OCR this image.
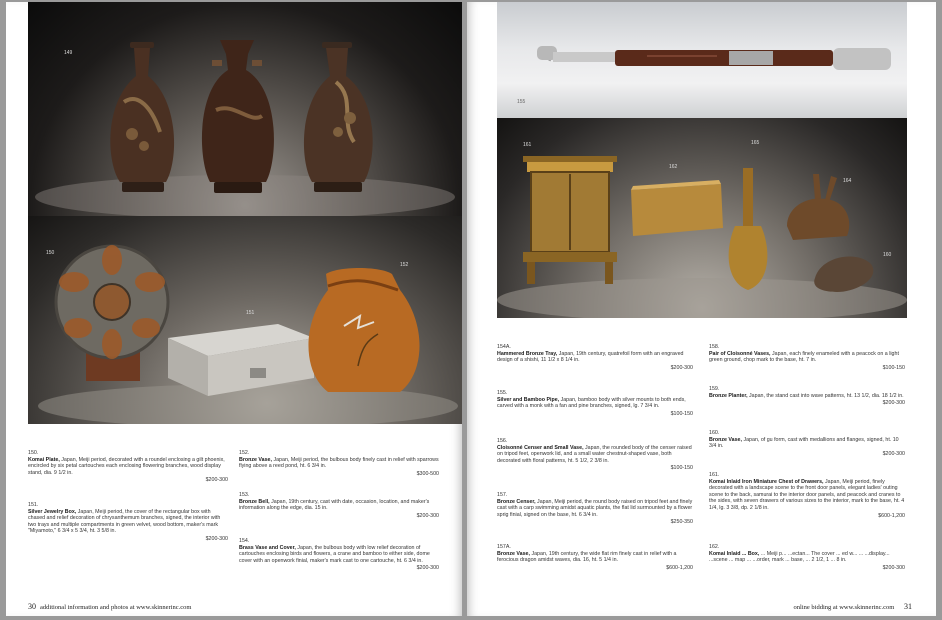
149
150
151
152
150.
Komai Plate, Japan, Meiji period, decorated with a roundel enclosing a gilt phoenix, encircled by six petal cartouches each enclosing flowering branches, wood display stand, dia. 9 1/2 in.
$200-300
151.
Silver Jewelry Box, Japan, Meiji period, the cover of the rectangular box with chased and relief decoration of chrysanthemum branches, signed, the interior with two trays and multiple compartments in green velvet, wood bottom, maker's mark "Miyamoto," 6 3/4 x 5 3/4, ht. 3 5/8 in.
$200-300
152.
Bronze Vase, Japan, Meiji period, the bulbous body finely cast in relief with sparrows flying above a reed pond, ht. 6 3/4 in.
$300-500
153.
Bronze Bell, Japan, 19th century, cast with date, occasion, location, and maker's information along the edge, dia. 15 in.
$200-300
154.
Brass Vase and Cover, Japan, the bulbous body with low relief decoration of cartouches enclosing birds and flowers, a crane and bamboo to either side, dome cover with an openwork finial, maker's mark cast to one cartouche, ht. 6 3/4 in.
$200-300
30 additional information and photos at www.skinnerinc.com
155
161
162
165
164
160
154A.
Hammered Bronze Tray, Japan, 19th century, quatrefoil form with an engraved design of a shishi, 11 1/2 x 8 1/4 in.
$200-300
155.
Silver and Bamboo Pipe, Japan, bamboo body with silver mounts to both ends, carved with a monk with a fan and pine branches, signed, lg. 7 3/4 in.
$100-150
156.
Cloisonné Censer and Small Vase, Japan, the rounded body of the censer raised on tripod feet, openwork lid, and a small water chestnut-shaped vase, both decorated with floral patterns, ht. 5 1/2, 2 3/8 in.
$100-150
157.
Bronze Censer, Japan, Meiji period, the round body raised on tripod feet and finely cast with a carp swimming amidst aquatic plants, the flat lid surmounted by a flower sprig finial, signed on the base, ht. 6 3/4 in.
$250-350
157A.
Bronze Vase, Japan, 19th century, the wide flat rim finely cast in relief with a ferocious dragon amidst waves, dia. 16, ht. 5 1/4 in.
$600-1,200
158.
Pair of Cloisonné Vases, Japan, each finely enameled with a peacock on a light green ground, chop mark to the base, ht. 7 in.
$100-150
159.
Bronze Planter, Japan, the stand cast into wave patterns, ht. 13 1/2, dia. 18 1/2 in.
$200-300
160.
Bronze Vase, Japan, of gu form, cast with medallions and flanges, signed, ht. 10 3/4 in.
$200-300
161.
Komai Inlaid Iron Miniature Chest of Drawers, Japan, Meiji period, finely decorated with a landscape scene to the front door panels, elegant ladies' outing scene to the back, samurai to the interior door panels, and peacock and cranes to the sides, with seven drawers of various sizes to the interior, mark to the base, ht. 4 1/4, lg. 3 3/8, dp. 2 1/8 in.
$600-1,200
162.
Komai Inlaid ... Box, ... Meiji p... ...ectan... The cover ... ed w... ... ...display... ...scene ... map ... ...order, mark ... base, ... 2 1/2, 1 ... 8 in.
$200-300
online bidding at www.skinnerinc.com 31
